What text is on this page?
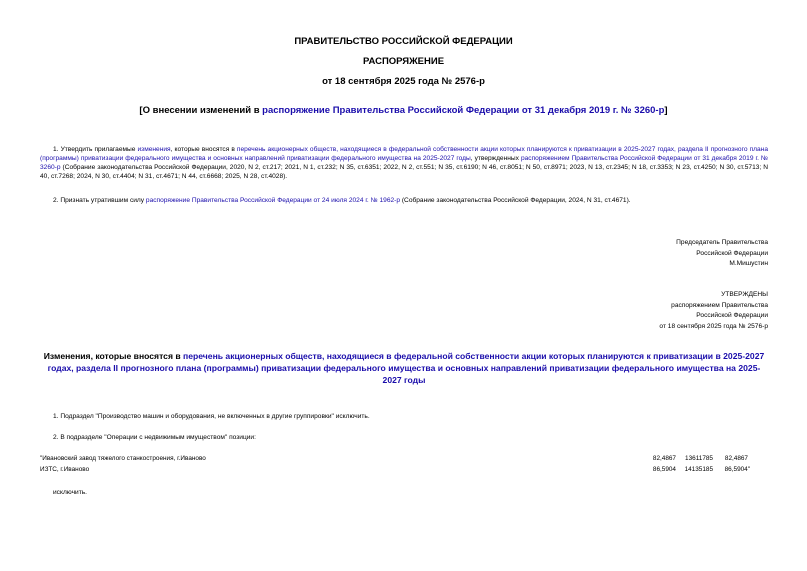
ПРАВИТЕЛЬСТВО РОССИЙСКОЙ ФЕДЕРАЦИИ
РАСПОРЯЖЕНИЕ
от 18 сентября 2025 года № 2576-р
[О внесении изменений в распоряжение Правительства Российской Федерации от 31 декабря 2019 г. № 3260-р]
1. Утвердить прилагаемые изменения, которые вносятся в перечень акционерных обществ, находящиеся в федеральной собственности акции которых планируются к приватизации в 2025-2027 годах, раздела II прогнозного плана (программы) приватизации федерального имущества и основных направлений приватизации федерального имущества на 2025-2027 годы, утвержденных распоряжением Правительства Российской Федерации от 31 декабря 2019 г. № 3260-р (Собрание законодательства Российской Федерации, 2020, N 2, ст.217; 2021, N 1, ст.232; N 35, ст.6351; 2022, N 2, ст.551; N 35, ст.6190; N 46, ст.8051; N 50, ст.8971; 2023, N 13, ст.2345; N 18, ст.3353; N 23, ст.4250; N 30, ст.5713; N 40, ст.7268; 2024, N 30, ст.4404; N 31, ст.4671; N 44, ст.6668; 2025, N 28, ст.4028).
2. Признать утратившим силу распоряжение Правительства Российской Федерации от 24 июля 2024 г. № 1962-р (Собрание законодательства Российской Федерации, 2024, N 31, ст.4671).
Председатель Правительства
Российской Федерации
М.Мишустин
УТВЕРЖДЕНЫ
распоряжением Правительства
Российской Федерации
от 18 сентября 2025 года № 2576-р
Изменения, которые вносятся в перечень акционерных обществ, находящиеся в федеральной собственности акции которых планируются к приватизации в 2025-2027 годах, раздела II прогнозного плана (программы) приватизации федерального имущества и основных направлений приватизации федерального имущества на 2025-2027 годы
1. Подраздел "Производство машин и оборудования, не включенных в другие группировки" исключить.
2. В подразделе "Операции с недвижимым имуществом" позиции:
"Ивановский завод тяжелого станкостроения, г.Иваново	82,4867	13611785	82,4867
ИЗТС, г.Иваново	86,5904	14135185	86,5904"
исключить.
